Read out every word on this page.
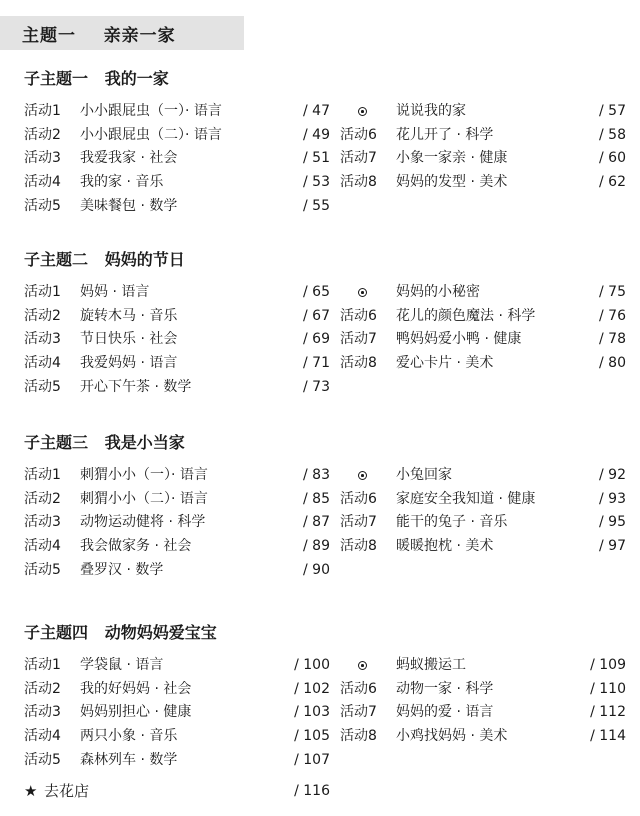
主题一
亲亲一家
子主题一 我的一家
活动1 小小跟屁虫（一）· 语言	/ 47
活动2 小小跟屁虫（二）· 语言	/ 49
活动3 我爱我家 · 社会	/ 51
活动4 我的家 · 音乐	/ 53
活动5 美味餐包 · 数学	/ 55
说说我的家	/ 57
活动6 花儿开了 · 科学	/ 58
活动7 小象一家亲 · 健康	/ 60
活动8 妈妈的发型 · 美术	/ 62
子主题二 妈妈的节日
活动1 妈妈 · 语言	/ 65
活动2 旋转木马 · 音乐	/ 67
活动3 节日快乐 · 社会	/ 69
活动4 我爱妈妈 · 语言	/ 71
活动5 开心下午茶 · 数学	/ 73
妈妈的小秘密	/ 75
活动6 花儿的颜色魔法 · 科学	/ 76
活动7 鸭妈妈爱小鸭 · 健康	/ 78
活动8 爱心卡片 · 美术	/ 80
子主题三 我是小当家
活动1 刺猬小小（一）· 语言	/ 83
活动2 刺猬小小（二）· 语言	/ 85
活动3 动物运动健将 · 科学	/ 87
活动4 我会做家务 · 社会	/ 89
活动5 叠罗汉 · 数学	/ 90
小兔回家	/ 92
活动6 家庭安全我知道 · 健康	/ 93
活动7 能干的兔子 · 音乐	/ 95
活动8 暖暖抱枕 · 美术	/ 97
子主题四 动物妈妈爱宝宝
活动1 学袋鼠 · 语言	/ 100
活动2 我的好妈妈 · 社会	/ 102
活动3 妈妈别担心 · 健康	/ 103
活动4 两只小象 · 音乐	/ 105
活动5 森林列车 · 数学	/ 107
蚂蚁搬运工	/ 109
活动6 动物一家 · 科学	/ 110
活动7 妈妈的爱 · 语言	/ 112
活动8 小鸡找妈妈 · 美术	/ 114
★ 去花店	/ 116
